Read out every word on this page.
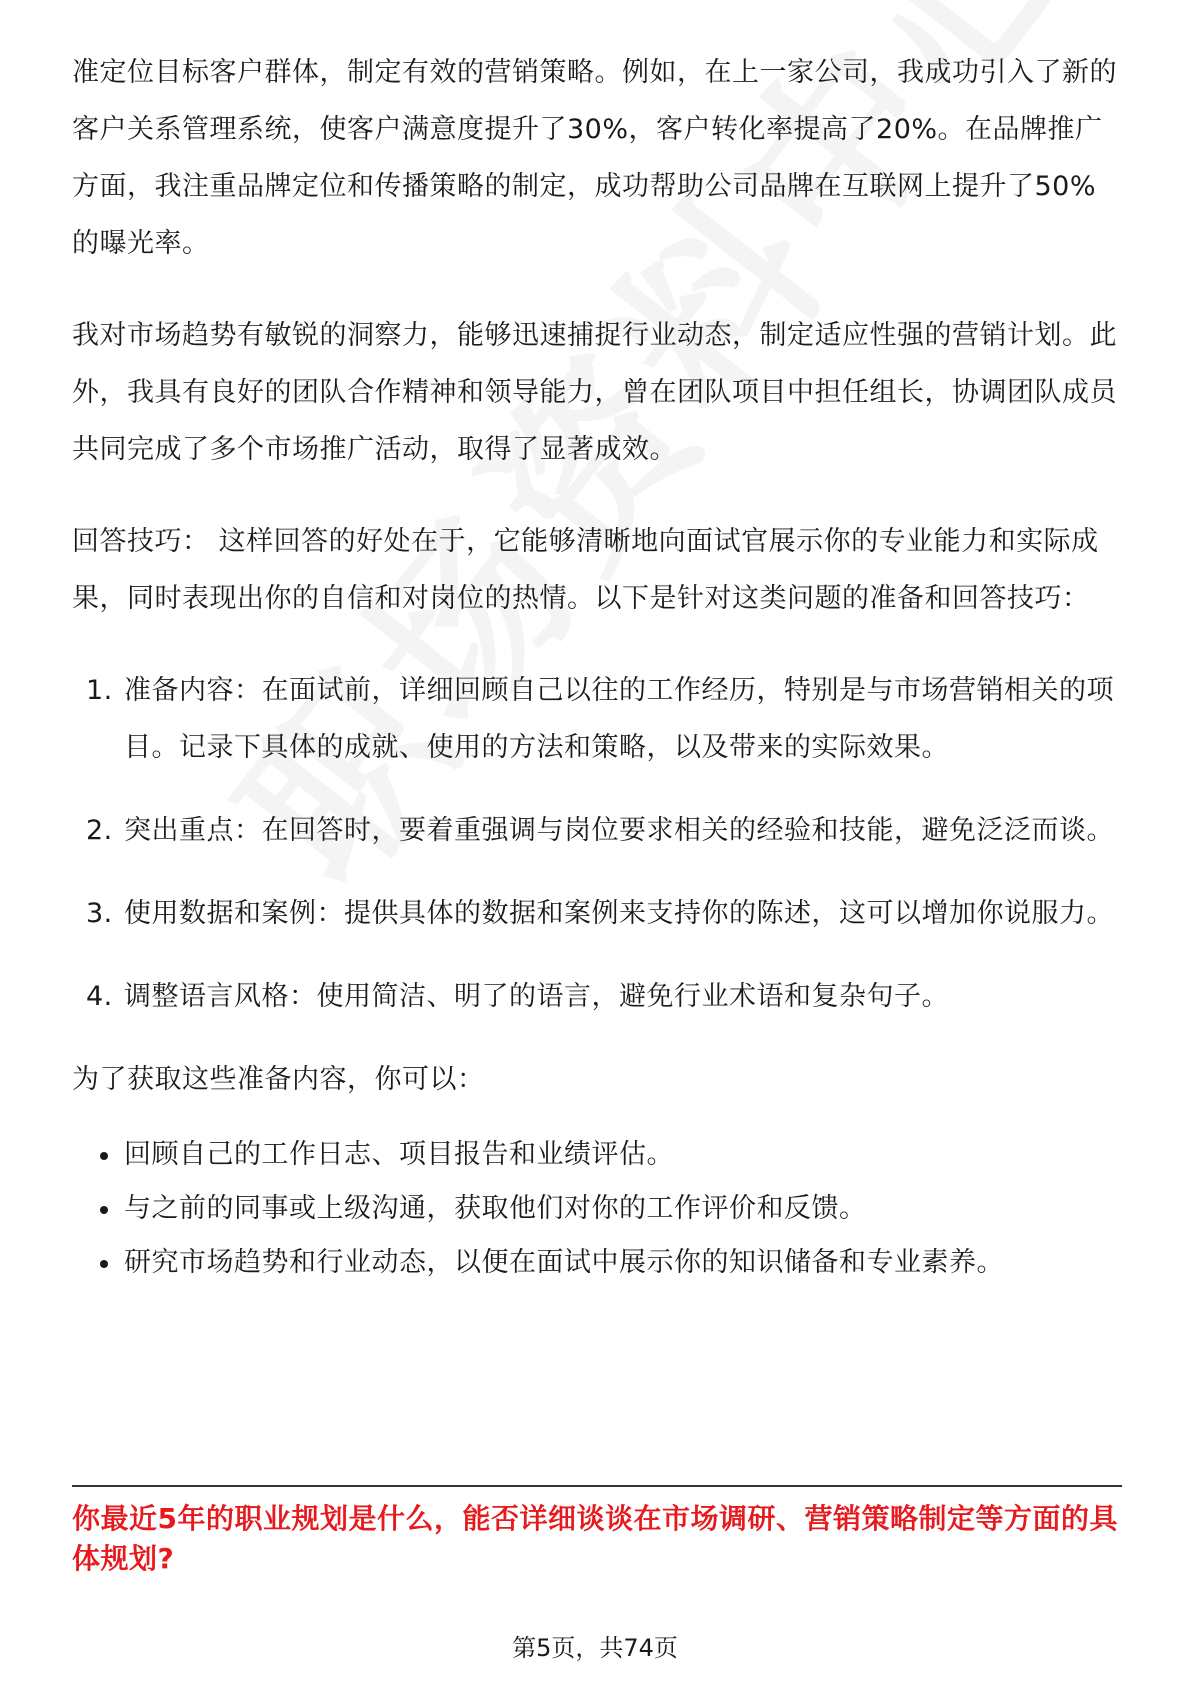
准定位目标客户群体，制定有效的营销策略。例如，在上一家公司，我成功引入了新的客户关系管理系统，使客户满意度提升了30%，客户转化率提高了20%。在品牌推广方面，我注重品牌定位和传播策略的制定，成功帮助公司品牌在互联网上提升了50%的曝光率。

我对市场趋势有敏锐的洞察力，能够迅速捕捉行业动态，制定适应性强的营销计划。此外，我具有良好的团队合作精神和领导能力，曾在团队项目中担任组长，协调团队成员共同完成了多个市场推广活动，取得了显著成效。

回答技巧： 这样回答的好处在于，它能够清晰地向面试官展示你的专业能力和实际成果，同时表现出你的自信和对岗位的热情。以下是针对这类问题的准备和回答技巧：

1. 准备内容：在面试前，详细回顾自己以往的工作经历，特别是与市场营销相关的项目。记录下具体的成就、使用的方法和策略，以及带来的实际效果。
2. 突出重点：在回答时，要着重强调与岗位要求相关的经验和技能，避免泛泛而谈。
3. 使用数据和案例：提供具体的数据和案例来支持你的陈述，这可以增加你说服力。
4. 调整语言风格：使用简洁、明了的语言，避免行业术语和复杂句子。

为了获取这些准备内容，你可以：

回顾自己的工作日志、项目报告和业绩评估。
与之前的同事或上级沟通，获取他们对你的工作评价和反馈。
研究市场趋势和行业动态，以便在面试中展示你的知识储备和专业素养。
你最近5年的职业规划是什么，能否详细谈谈在市场调研、营销策略制定等方面的具体规划?
第5页，共74页
